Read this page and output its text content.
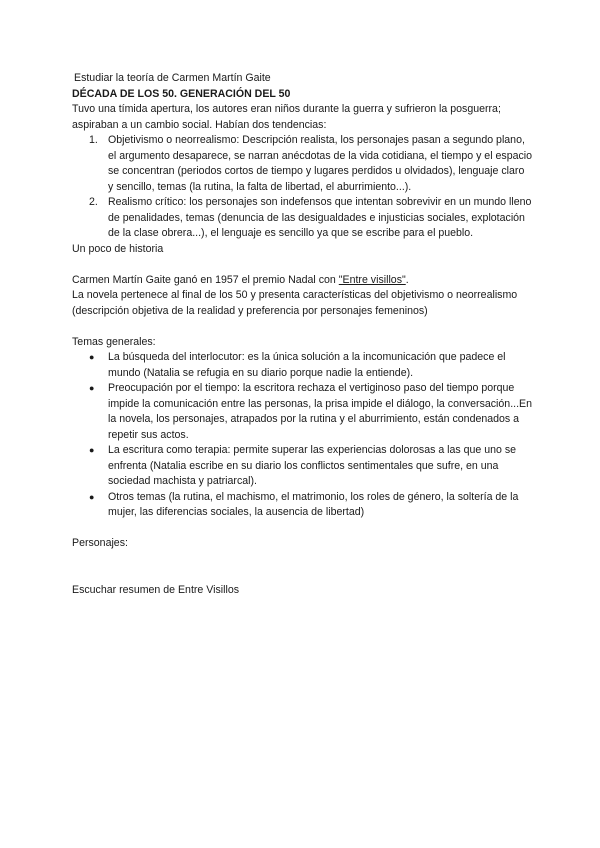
Estudiar la teoría de Carmen Martín Gaite

DÉCADA DE LOS 50. GENERACIÓN DEL 50

Tuvo una tímida apertura, los autores eran niños durante la guerra y sufrieron la posguerra; aspiraban a un cambio social. Habían dos tendencias:

1. Objetivismo o neorrealismo: Descripción realista, los personajes pasan a segundo plano, el argumento desaparece, se narran anécdotas de la vida cotidiana, el tiempo y el espacio se concentran (periodos cortos de tiempo y lugares perdidos u olvidados), lenguaje claro y sencillo, temas (la rutina, la falta de libertad, el aburrimiento...).
2. Realismo crítico: los personajes son indefensos que intentan sobrevivir en un mundo lleno de penalidades, temas (denuncia de las desigualdades e injusticias sociales, explotación de la clase obrera...), el lenguaje es sencillo ya que se escribe para el pueblo.

Un poco de historia

Carmen Martín Gaite ganó en 1957 el premio Nadal con "Entre visillos".

La novela pertenece al final de los 50 y presenta características del objetivismo o neorrealismo (descripción objetiva de la realidad y preferencia por personajes femeninos)

Temas generales:

● La búsqueda del interlocutor: es la única solución a la incomunicación que padece el mundo (Natalia se refugia en su diario porque nadie la entiende).
● Preocupación por el tiempo: la escritora rechaza el vertiginoso paso del tiempo porque impide la comunicación entre las personas, la prisa impide el diálogo, la conversación...En la novela, los personajes, atrapados por la rutina y el aburrimiento, están condenados a repetir sus actos.
● La escritura como terapia: permite superar las experiencias dolorosas a las que uno se enfrenta (Natalia escribe en su diario los conflictos sentimentales que sufre, en una sociedad machista y patriarcal).
● Otros temas (la rutina, el machismo, el matrimonio, los roles de género, la soltería de la mujer, las diferencias sociales, la ausencia de libertad)

Personajes:

Escuchar resumen de Entre Visillos
